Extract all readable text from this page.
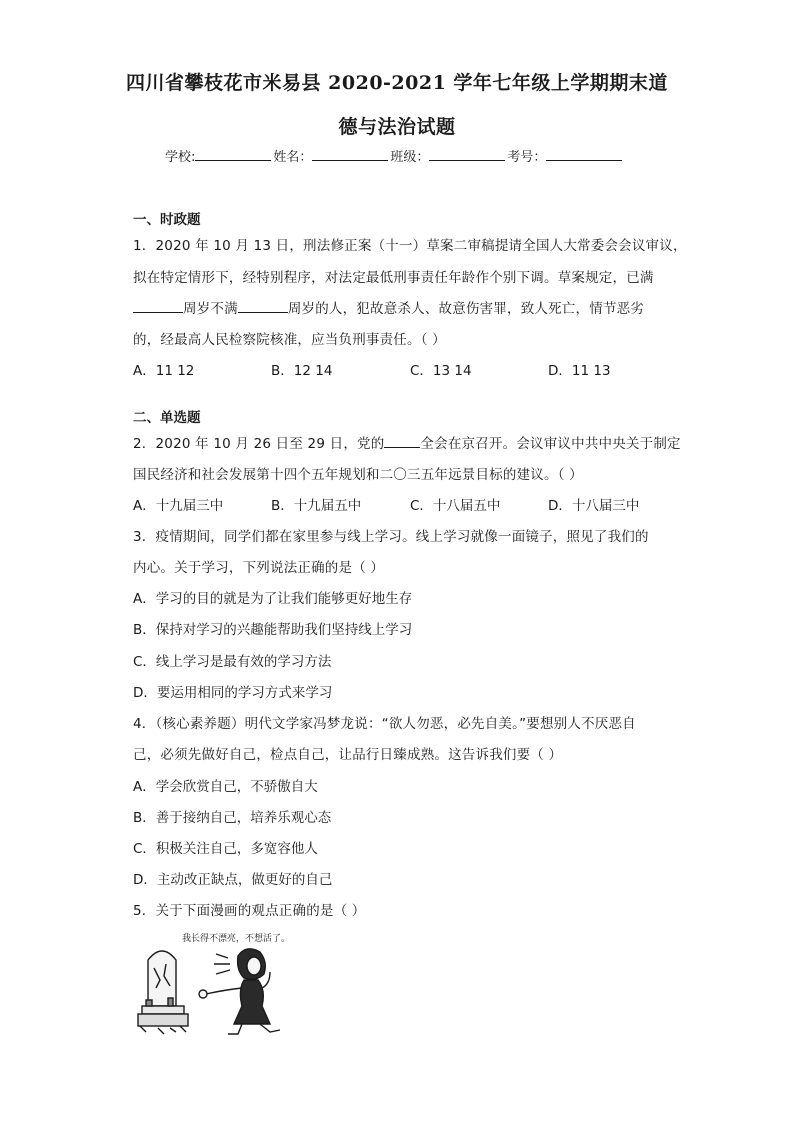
四川省攀枝花市米易县 2020-2021 学年七年级上学期期末道
德与法治试题
学校:	姓名：	班级：	考号：
一、时政题
1．2020 年 10 月 13 日，刑法修正案（十一）草案二审稿提请全国人大常委会会议审议，
拟在特定情形下，经特别程序，对法定最低刑事责任年龄作个别下调。草案规定，已满
周岁不满	周岁的人，犯故意杀人、故意伤害罪，致人死亡，情节恶劣
的，经最高人民检察院核准，应当负刑事责任。（ ）
A．11 12	B．12 14	C．13 14	D．11 13
二、单选题
2．2020 年 10 月 26 日至 29 日，党的	全会在京召开。会议审议中共中央关于制定
国民经济和社会发展第十四个五年规划和二〇三五年远景目标的建议。（ ）
A．十九届三中	B．十九届五中	C．十八届五中	D．十八届三中
3．疫情期间，同学们都在家里参与线上学习。线上学习就像一面镜子，照见了我们的
内心。关于学习，下列说法正确的是（ ）
A．学习的目的就是为了让我们能够更好地生存
B．保持对学习的兴趣能帮助我们坚持线上学习
C．线上学习是最有效的学习方法
D．要运用相同的学习方式来学习
4．（核心素养题）明代文学家冯梦龙说：“欲人勿恶，必先自美。”要想别人不厌恶自
己，必须先做好自己，检点自己，让品行日臻成熟。这告诉我们要（ ）
A．学会欣赏自己，不骄傲自大
B．善于接纳自己，培养乐观心态
C．积极关注自己，多宽容他人
D．主动改正缺点，做更好的自己
5．关于下面漫画的观点正确的是（ ）
我长得不漂亮，不想活了。
